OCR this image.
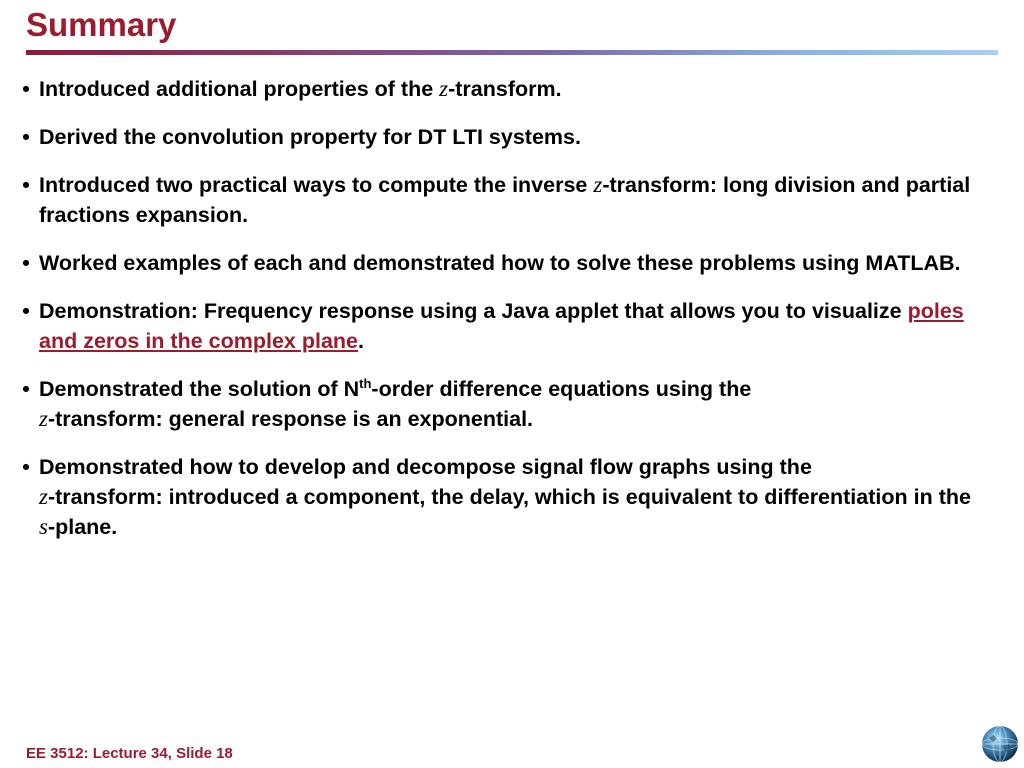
Summary
• Introduced additional properties of the z-transform.
• Derived the convolution property for DT LTI systems.
• Introduced two practical ways to compute the inverse z-transform: long division and partial fractions expansion.
• Worked examples of each and demonstrated how to solve these problems using MATLAB.
• Demonstration: Frequency response using a Java applet that allows you to visualize poles and zeros in the complex plane.
• Demonstrated the solution of $N^{th}$-order difference equations using the
z-transform: general response is an exponential.
• Demonstrated how to develop and decompose signal flow graphs using the
z-transform: introduced a component, the delay, which is equivalent to differentiation in the s-plane.
EE 3512: Lecture 34, Slide 18
